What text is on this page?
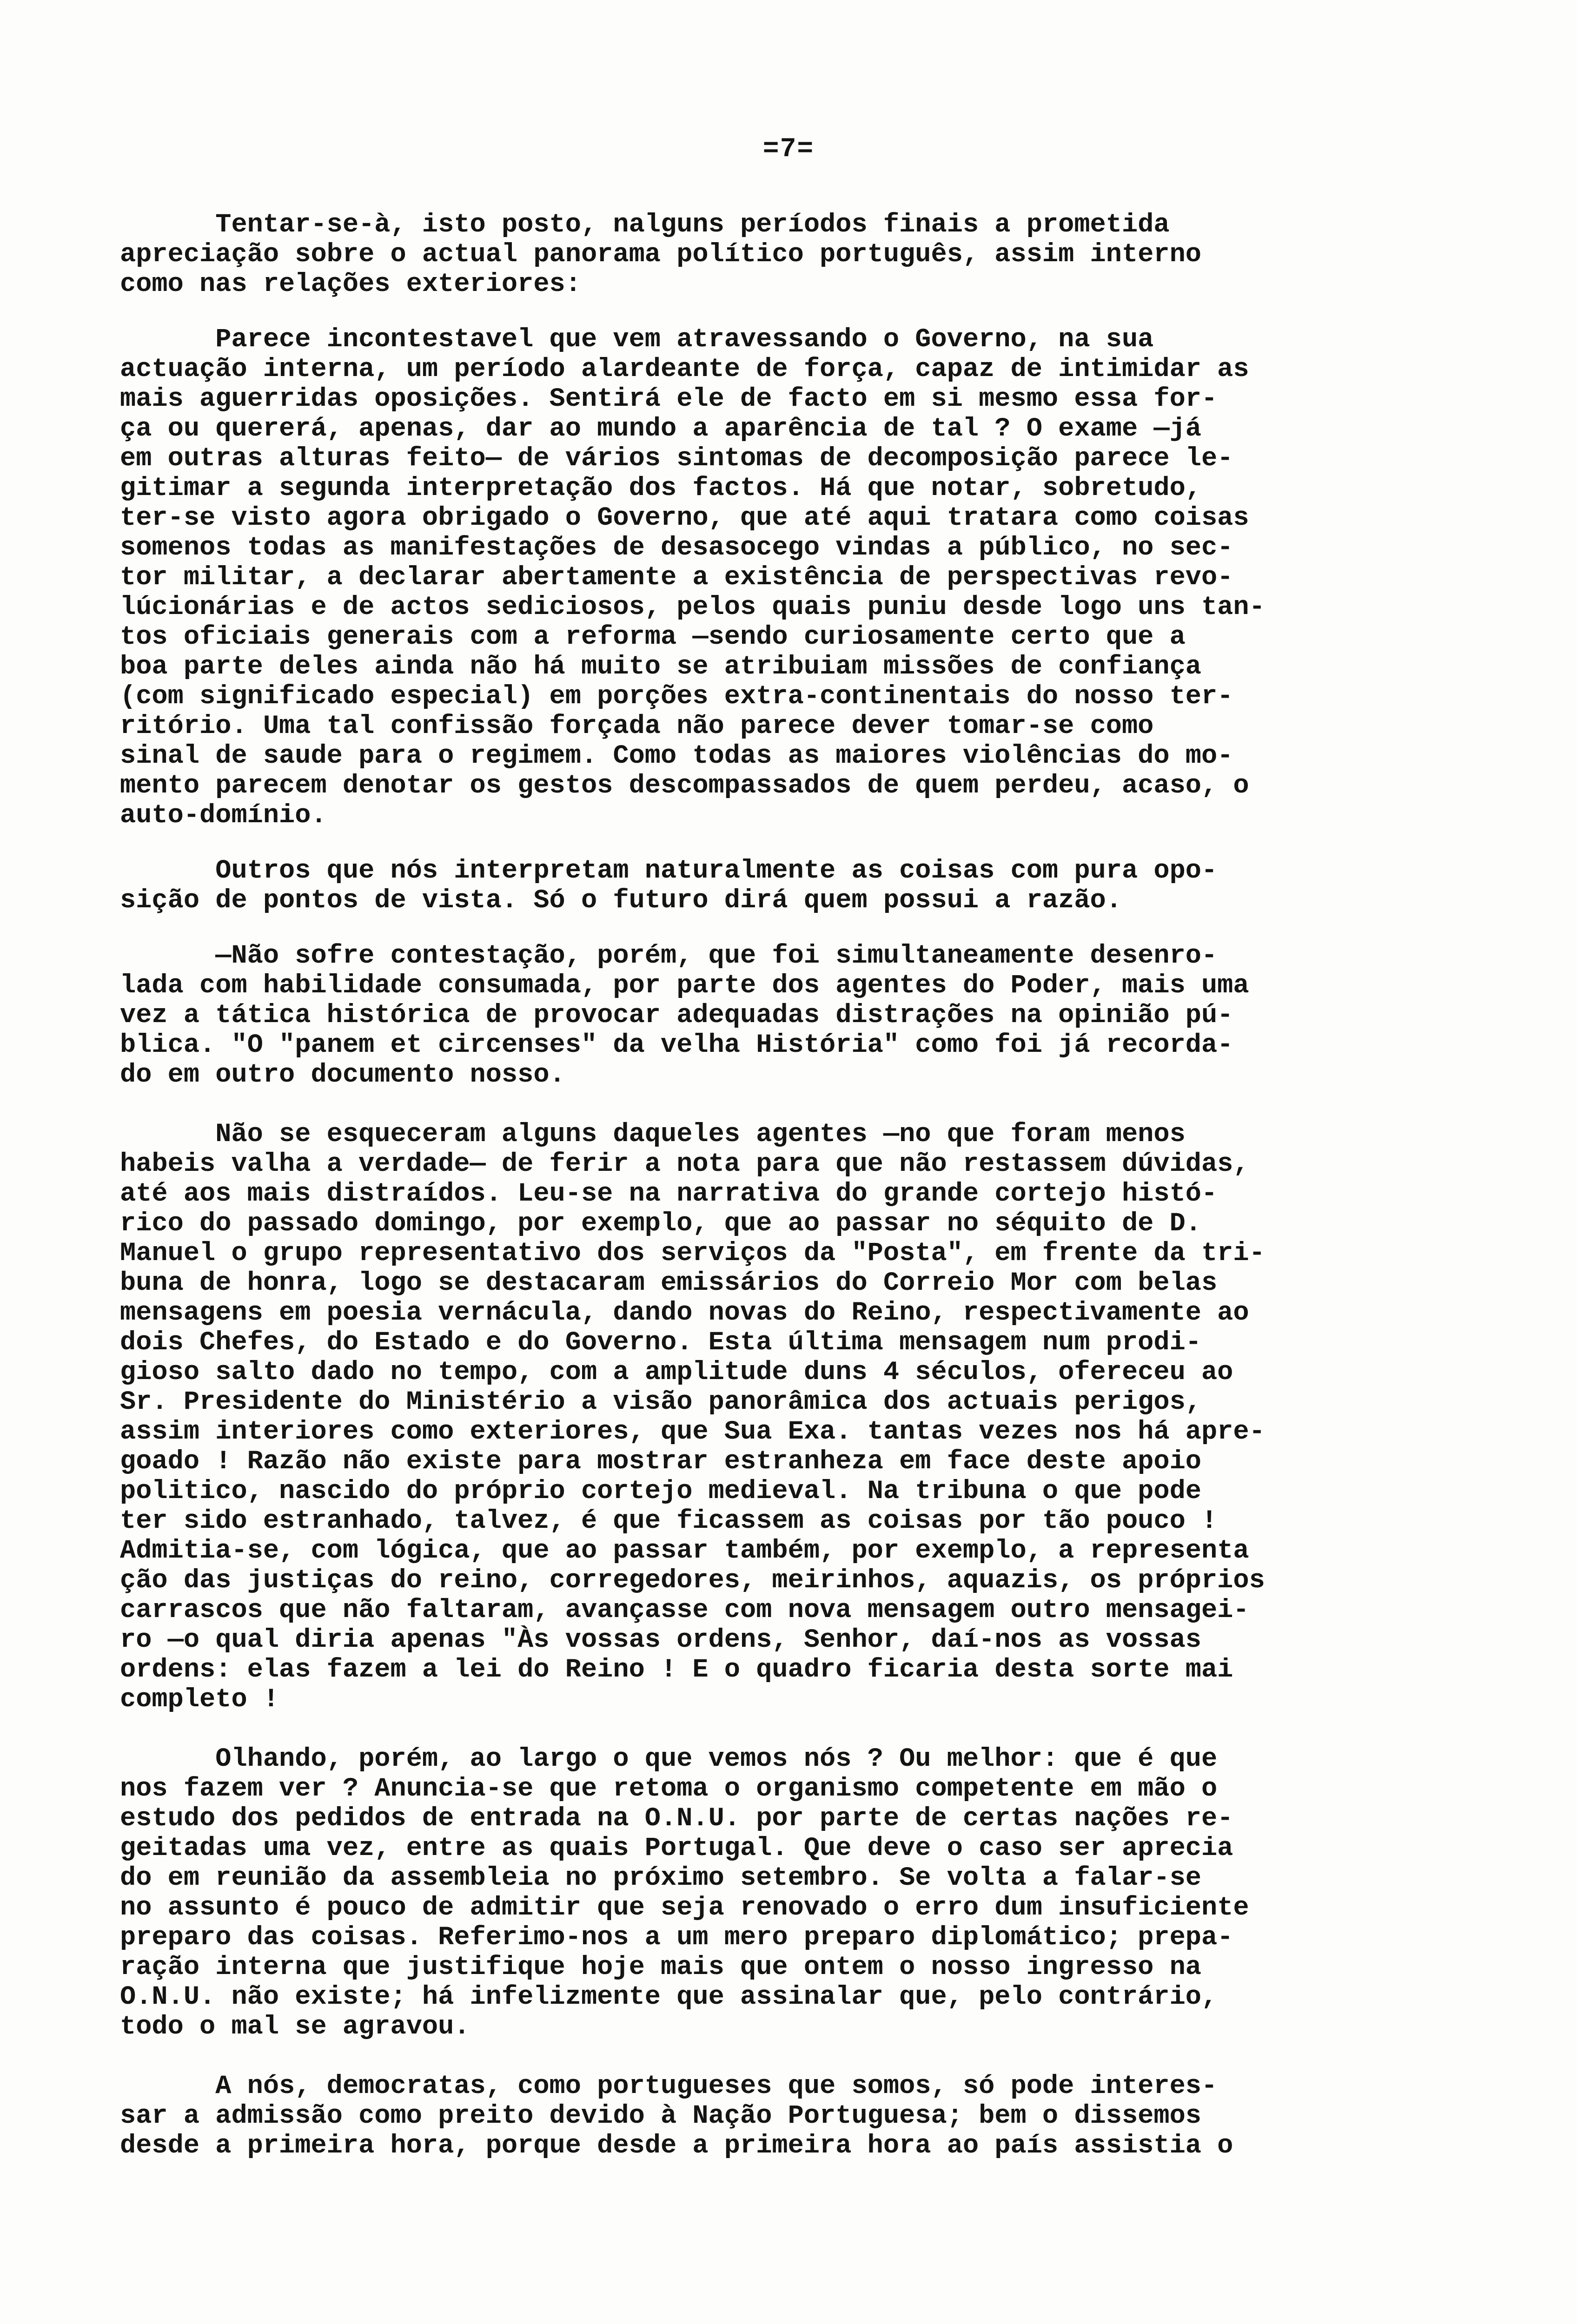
=7=
Tentar-se-à, isto posto, nalguns períodos finais a prometida
apreciação sobre o actual panorama político português, assim interno
como nas relações exteriores:
Parece incontestavel que vem atravessando o Governo, na sua
actuação interna, um período alardeante de força, capaz de intimidar as
mais aguerridas oposições. Sentirá ele de facto em si mesmo essa for-
ça ou quererá, apenas, dar ao mundo a aparência de tal ? O exame —já
em outras alturas feito— de vários sintomas de decomposição parece le-
gitimar a segunda interpretação dos factos. Há que notar, sobretudo,
ter-se visto agora obrigado o Governo, que até aqui tratara como coisas
somenos todas as manifestações de desasocego vindas a público, no sec-
tor militar, a declarar abertamente a existência de perspectivas revo-
lúcionárias e de actos sediciosos, pelos quais puniu desde logo uns tan-
tos oficiais generais com a reforma —sendo curiosamente certo que a
boa parte deles ainda não há muito se atribuiam missões de confiança
(com significado especial) em porções extra-continentais do nosso ter-
ritório. Uma tal confissão forçada não parece dever tomar-se como
sinal de saude para o regimem. Como todas as maiores violências do mo-
mento parecem denotar os gestos descompassados de quem perdeu, acaso, o
auto-domínio.
Outros que nós interpretam naturalmente as coisas com pura opo-
sição de pontos de vista. Só o futuro dirá quem possui a razão.
—Não sofre contestação, porém, que foi simultaneamente desenro-
lada com habilidade consumada, por parte dos agentes do Poder, mais uma
vez a tática histórica de provocar adequadas distrações na opinião pú-
blica. "O "panem et circenses" da velha História" como foi já recorda-
do em outro documento nosso.
Não se esqueceram alguns daqueles agentes —no que foram menos
habeis valha a verdade— de ferir a nota para que não restassem dúvidas,
até aos mais distraídos. Leu-se na narrativa do grande cortejo histó-
rico do passado domingo, por exemplo, que ao passar no séquito de D.
Manuel o grupo representativo dos serviços da "Posta", em frente da tri-
buna de honra, logo se destacaram emissários do Correio Mor com belas
mensagens em poesia vernácula, dando novas do Reino, respectivamente ao
dois Chefes, do Estado e do Governo. Esta última mensagem num prodi-
gioso salto dado no tempo, com a amplitude duns 4 séculos, ofereceu ao
Sr. Presidente do Ministério a visão panorâmica dos actuais perigos,
assim interiores como exteriores, que Sua Exa. tantas vezes nos há apre-
goado ! Razão não existe para mostrar estranheza em face deste apoio
politico, nascido do próprio cortejo medieval. Na tribuna o que pode
ter sido estranhado, talvez, é que ficassem as coisas por tão pouco !
Admitia-se, com lógica, que ao passar também, por exemplo, a representa
ção das justiças do reino, corregedores, meirinhos, aquazis, os próprios
carrascos que não faltaram, avançasse com nova mensagem outro mensagei-
ro —o qual diria apenas "Às vossas ordens, Senhor, daí-nos as vossas
ordens: elas fazem a lei do Reino ! E o quadro ficaria desta sorte mai
completo !
Olhando, porém, ao largo o que vemos nós ? Ou melhor: que é que
nos fazem ver ? Anuncia-se que retoma o organismo competente em mão o
estudo dos pedidos de entrada na O.N.U. por parte de certas nações re-
geitadas uma vez, entre as quais Portugal. Que deve o caso ser aprecia
do em reunião da assembleia no próximo setembro. Se volta a falar-se
no assunto é pouco de admitir que seja renovado o erro dum insuficiente
preparo das coisas. Referimo-nos a um mero preparo diplomático; prepa-
ração interna que justifique hoje mais que ontem o nosso ingresso na
O.N.U. não existe; há infelizmente que assinalar que, pelo contrário,
todo o mal se agravou.
A nós, democratas, como portugueses que somos, só pode interes-
sar a admissão como preito devido à Nação Portuguesa; bem o dissemos
desde a primeira hora, porque desde a primeira hora ao país assistia o
